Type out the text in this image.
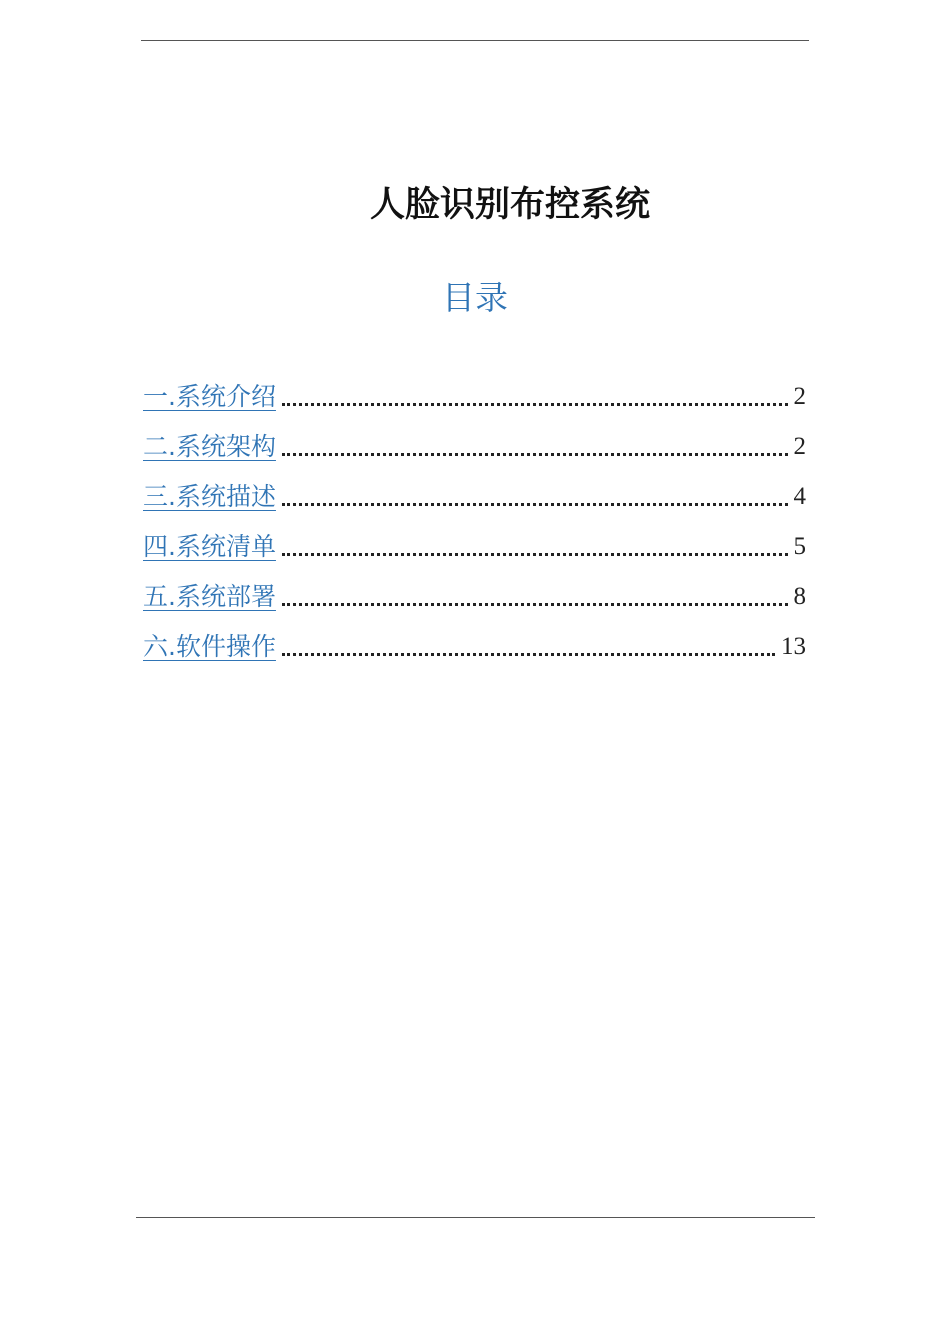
人脸识别布控系统
目录
一.系统介绍	2
二.系统架构	2
三.系统描述	4
四.系统清单	5
五.系统部署	8
六.软件操作	13
